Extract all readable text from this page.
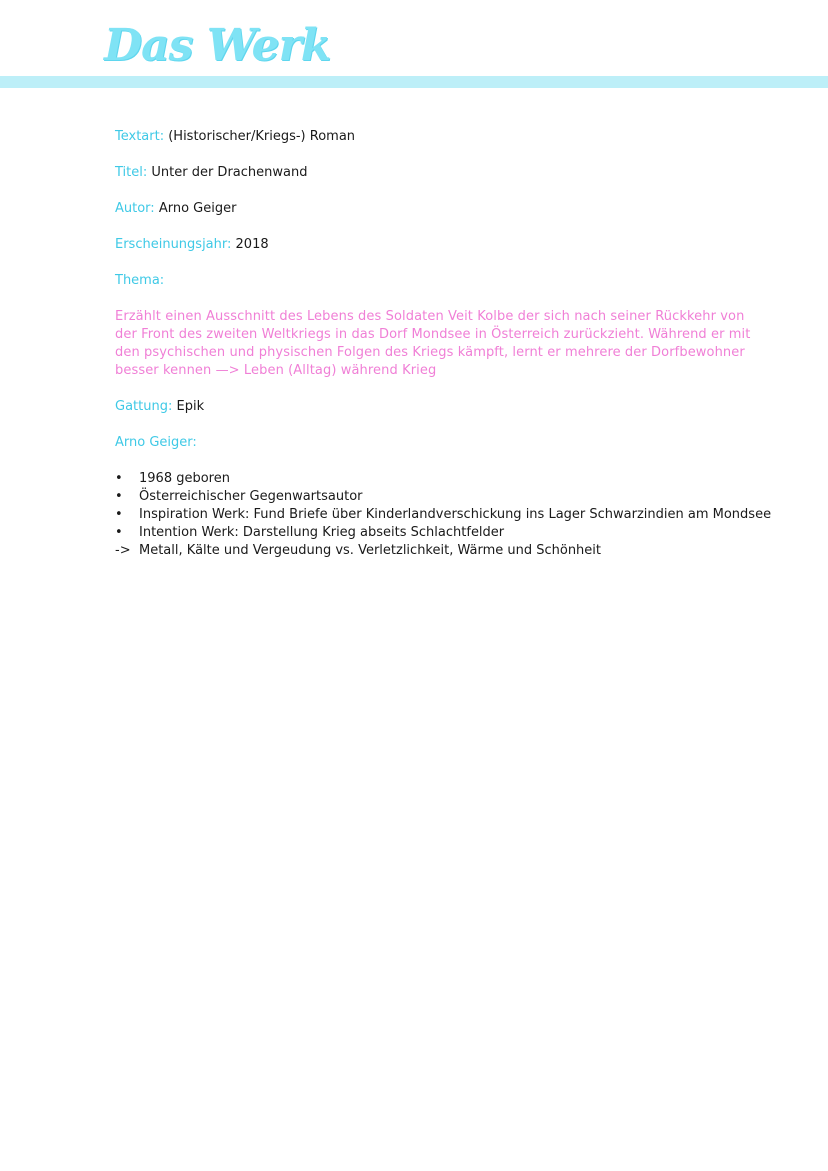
Das Werk
Textart: (Historischer/Kriegs-) Roman
Titel: Unter der Drachenwand
Autor: Arno Geiger
Erscheinungsjahr: 2018
Thema:
Erzählt einen Ausschnitt des Lebens des Soldaten Veit Kolbe der sich nach seiner Rückkehr von der Front des zweiten Weltkriegs in das Dorf Mondsee in Österreich zurückzieht. Während er mit den psychischen und physischen Folgen des Kriegs kämpft, lernt er mehrere der Dorfbewohner besser kennen —> Leben (Alltag) während Krieg
Gattung: Epik
Arno Geiger:
•	1968 geboren
•	Österreichischer Gegenwartsautor
•	Inspiration Werk: Fund Briefe über Kinderlandverschickung ins Lager Schwarzindien am Mondsee
•	Intention Werk: Darstellung Krieg abseits Schlachtfelder
-> Metall, Kälte und Vergeudung vs. Verletzlichkeit, Wärme und Schönheit
